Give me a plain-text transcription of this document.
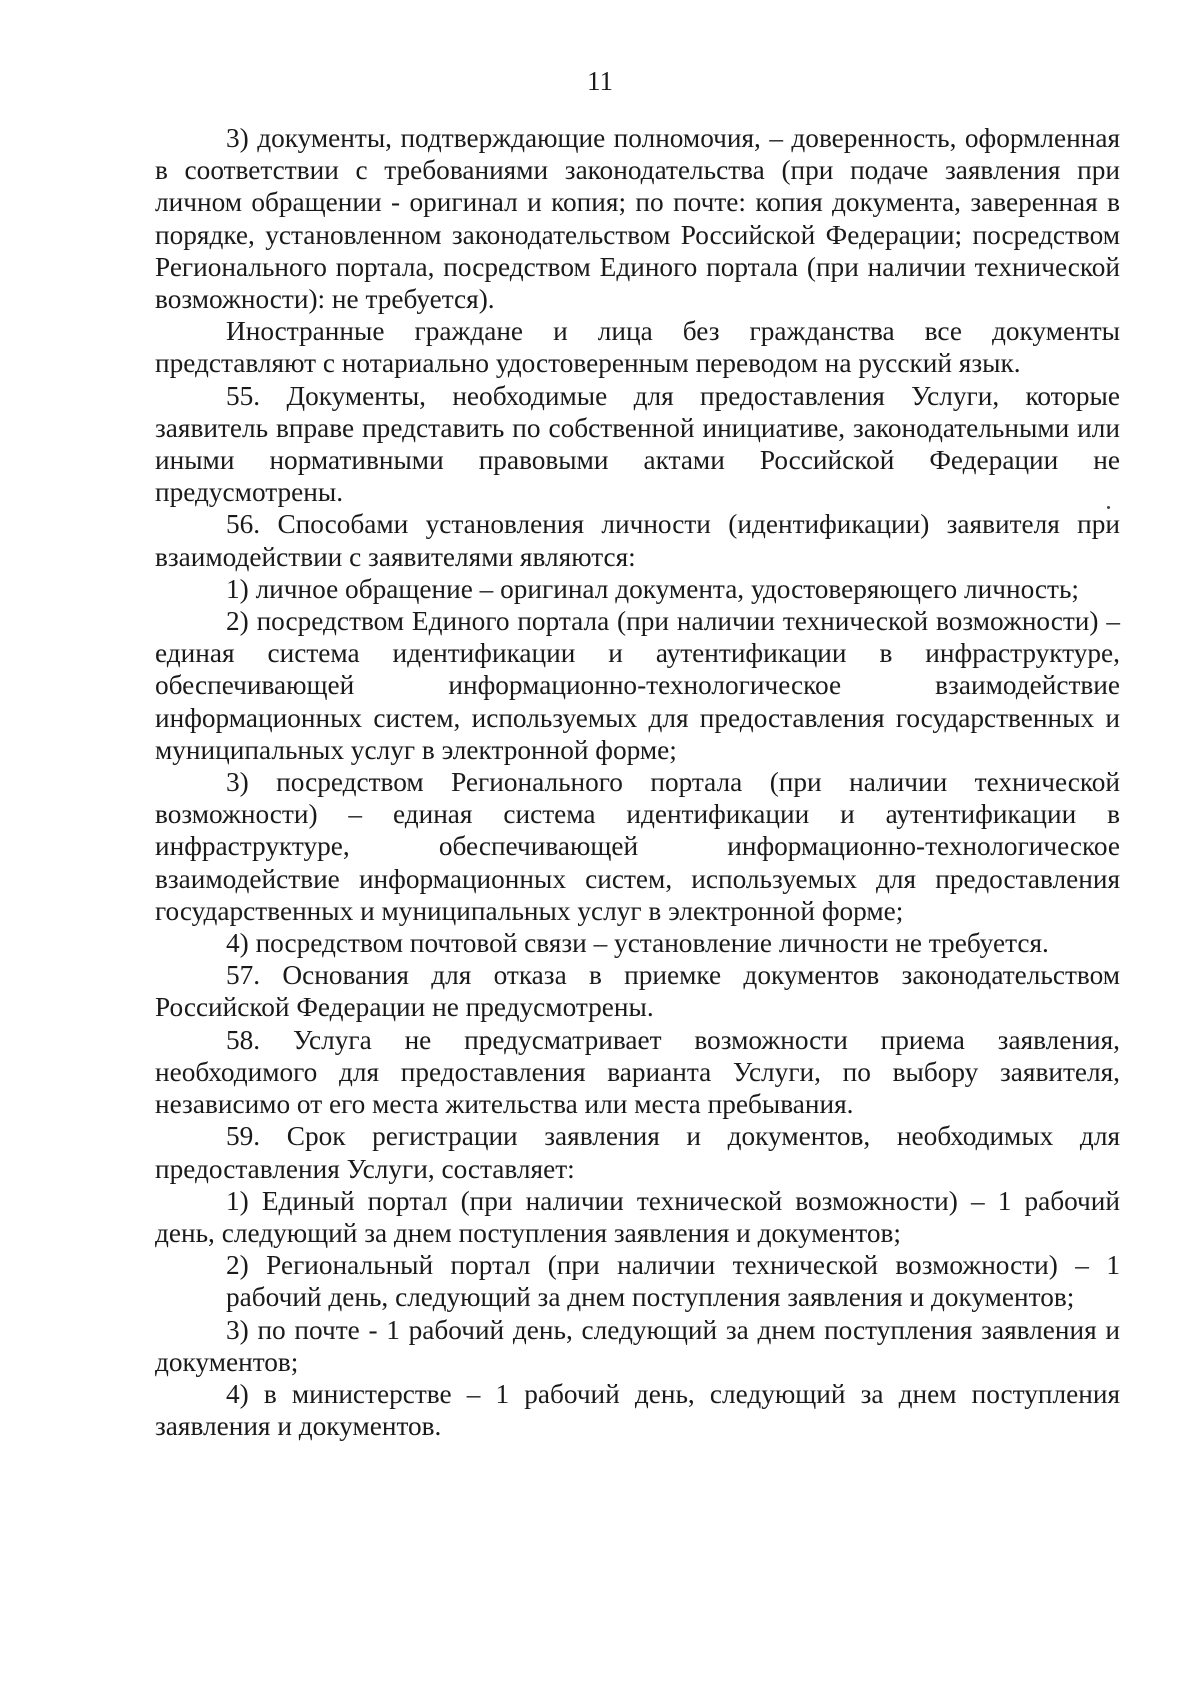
11

3) документы, подтверждающие полномочия, – доверенность, оформленная в соответствии с требованиями законодательства (при подаче заявления при личном обращении - оригинал и копия; по почте: копия документа, заверенная в порядке, установленном законодательством Российской Федерации; посредством Регионального портала, посредством Единого портала (при наличии технической возможности): не требуется).

Иностранные граждане и лица без гражданства все документы представляют с нотариально удостоверенным переводом на русский язык.

55. Документы, необходимые для предоставления Услуги, которые заявитель вправе представить по собственной инициативе, законодательными или иными нормативными правовыми актами Российской Федерации не предусмотрены.

56. Способами установления личности (идентификации) заявителя при взаимодействии с заявителями являются:

1) личное обращение – оригинал документа, удостоверяющего личность;

2) посредством Единого портала (при наличии технической возможности) – единая система идентификации и аутентификации в инфраструктуре, обеспечивающей информационно-технологическое взаимодействие информационных систем, используемых для предоставления государственных и муниципальных услуг в электронной форме;

3) посредством Регионального портала (при наличии технической возможности) – единая система идентификации и аутентификации в инфраструктуре, обеспечивающей информационно-технологическое взаимодействие информационных систем, используемых для предоставления государственных и муниципальных услуг в электронной форме;

4) посредством почтовой связи – установление личности не требуется.

57. Основания для отказа в приемке документов законодательством Российской Федерации не предусмотрены.

58. Услуга не предусматривает возможности приема заявления, необходимого для предоставления варианта Услуги, по выбору заявителя, независимо от его места жительства или места пребывания.

59. Срок регистрации заявления и документов, необходимых для предоставления Услуги, составляет:

1) Единый портал (при наличии технической возможности) – 1 рабочий день, следующий за днем поступления заявления и документов;

2) Региональный портал (при наличии технической возможности) – 1 рабочий день, следующий за днем поступления заявления и документов;

3) по почте - 1 рабочий день, следующий за днем поступления заявления и документов;

4) в министерстве – 1 рабочий день, следующий за днем поступления заявления и документов.
